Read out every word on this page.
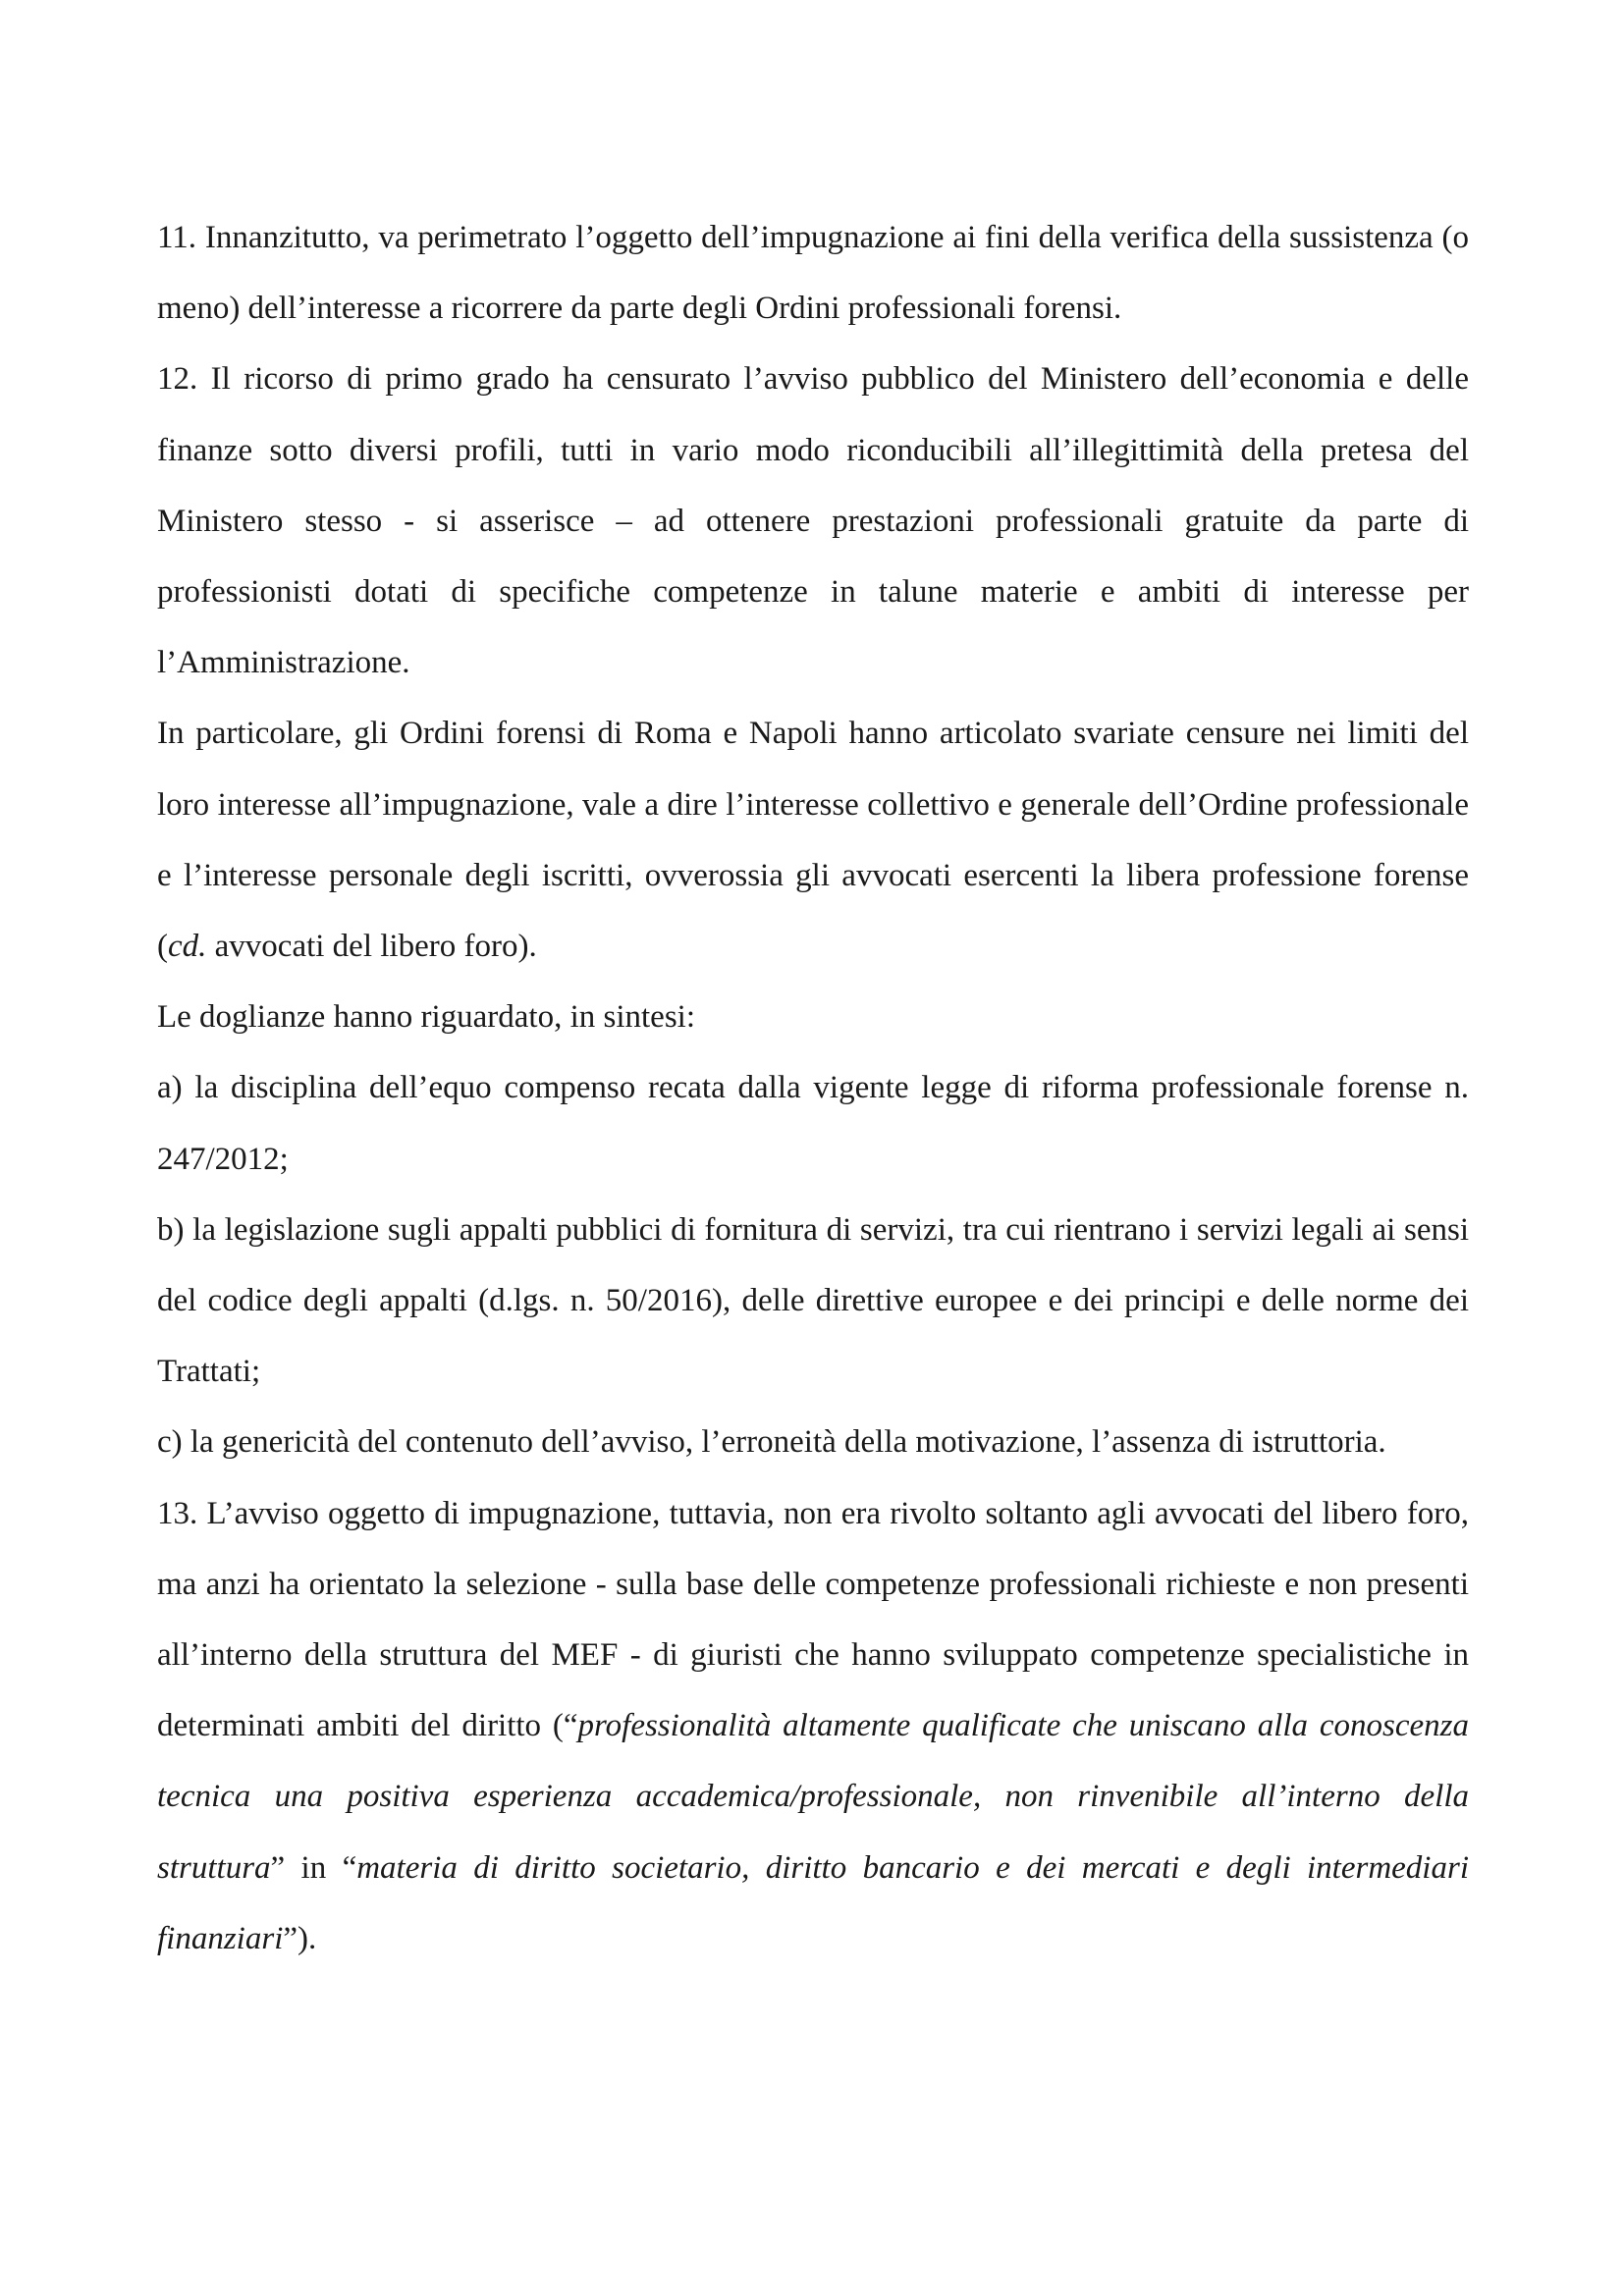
11. Innanzitutto, va perimetrato l’oggetto dell’impugnazione ai fini della verifica della sussistenza (o meno) dell’interesse a ricorrere da parte degli Ordini professionali forensi.

12. Il ricorso di primo grado ha censurato l’avviso pubblico del Ministero dell’economia e delle finanze sotto diversi profili, tutti in vario modo riconducibili all’illegittimità della pretesa del Ministero stesso - si asserisce – ad ottenere prestazioni professionali gratuite da parte di professionisti dotati di specifiche competenze in talune materie e ambiti di interesse per l’Amministrazione.

In particolare, gli Ordini forensi di Roma e Napoli hanno articolato svariate censure nei limiti del loro interesse all’impugnazione, vale a dire l’interesse collettivo e generale dell’Ordine professionale e l’interesse personale degli iscritti, ovverossia gli avvocati esercenti la libera professione forense (cd. avvocati del libero foro).

Le doglianze hanno riguardato, in sintesi:

a) la disciplina dell’equo compenso recata dalla vigente legge di riforma professionale forense n. 247/2012;

b) la legislazione sugli appalti pubblici di fornitura di servizi, tra cui rientrano i servizi legali ai sensi del codice degli appalti (d.lgs. n. 50/2016), delle direttive europee e dei principi e delle norme dei Trattati;

c) la genericità del contenuto dell’avviso, l’erroneità della motivazione, l’assenza di istruttoria.

13. L’avviso oggetto di impugnazione, tuttavia, non era rivolto soltanto agli avvocati del libero foro, ma anzi ha orientato la selezione - sulla base delle competenze professionali richieste e non presenti all’interno della struttura del MEF - di giuristi che hanno sviluppato competenze specialistiche in determinati ambiti del diritto (“professionalità altamente qualificate che uniscano alla conoscenza tecnica una positiva esperienza accademica/professionale, non rinvenibile all’interno della struttura” in “materia di diritto societario, diritto bancario e dei mercati e degli intermediari finanziari”).
